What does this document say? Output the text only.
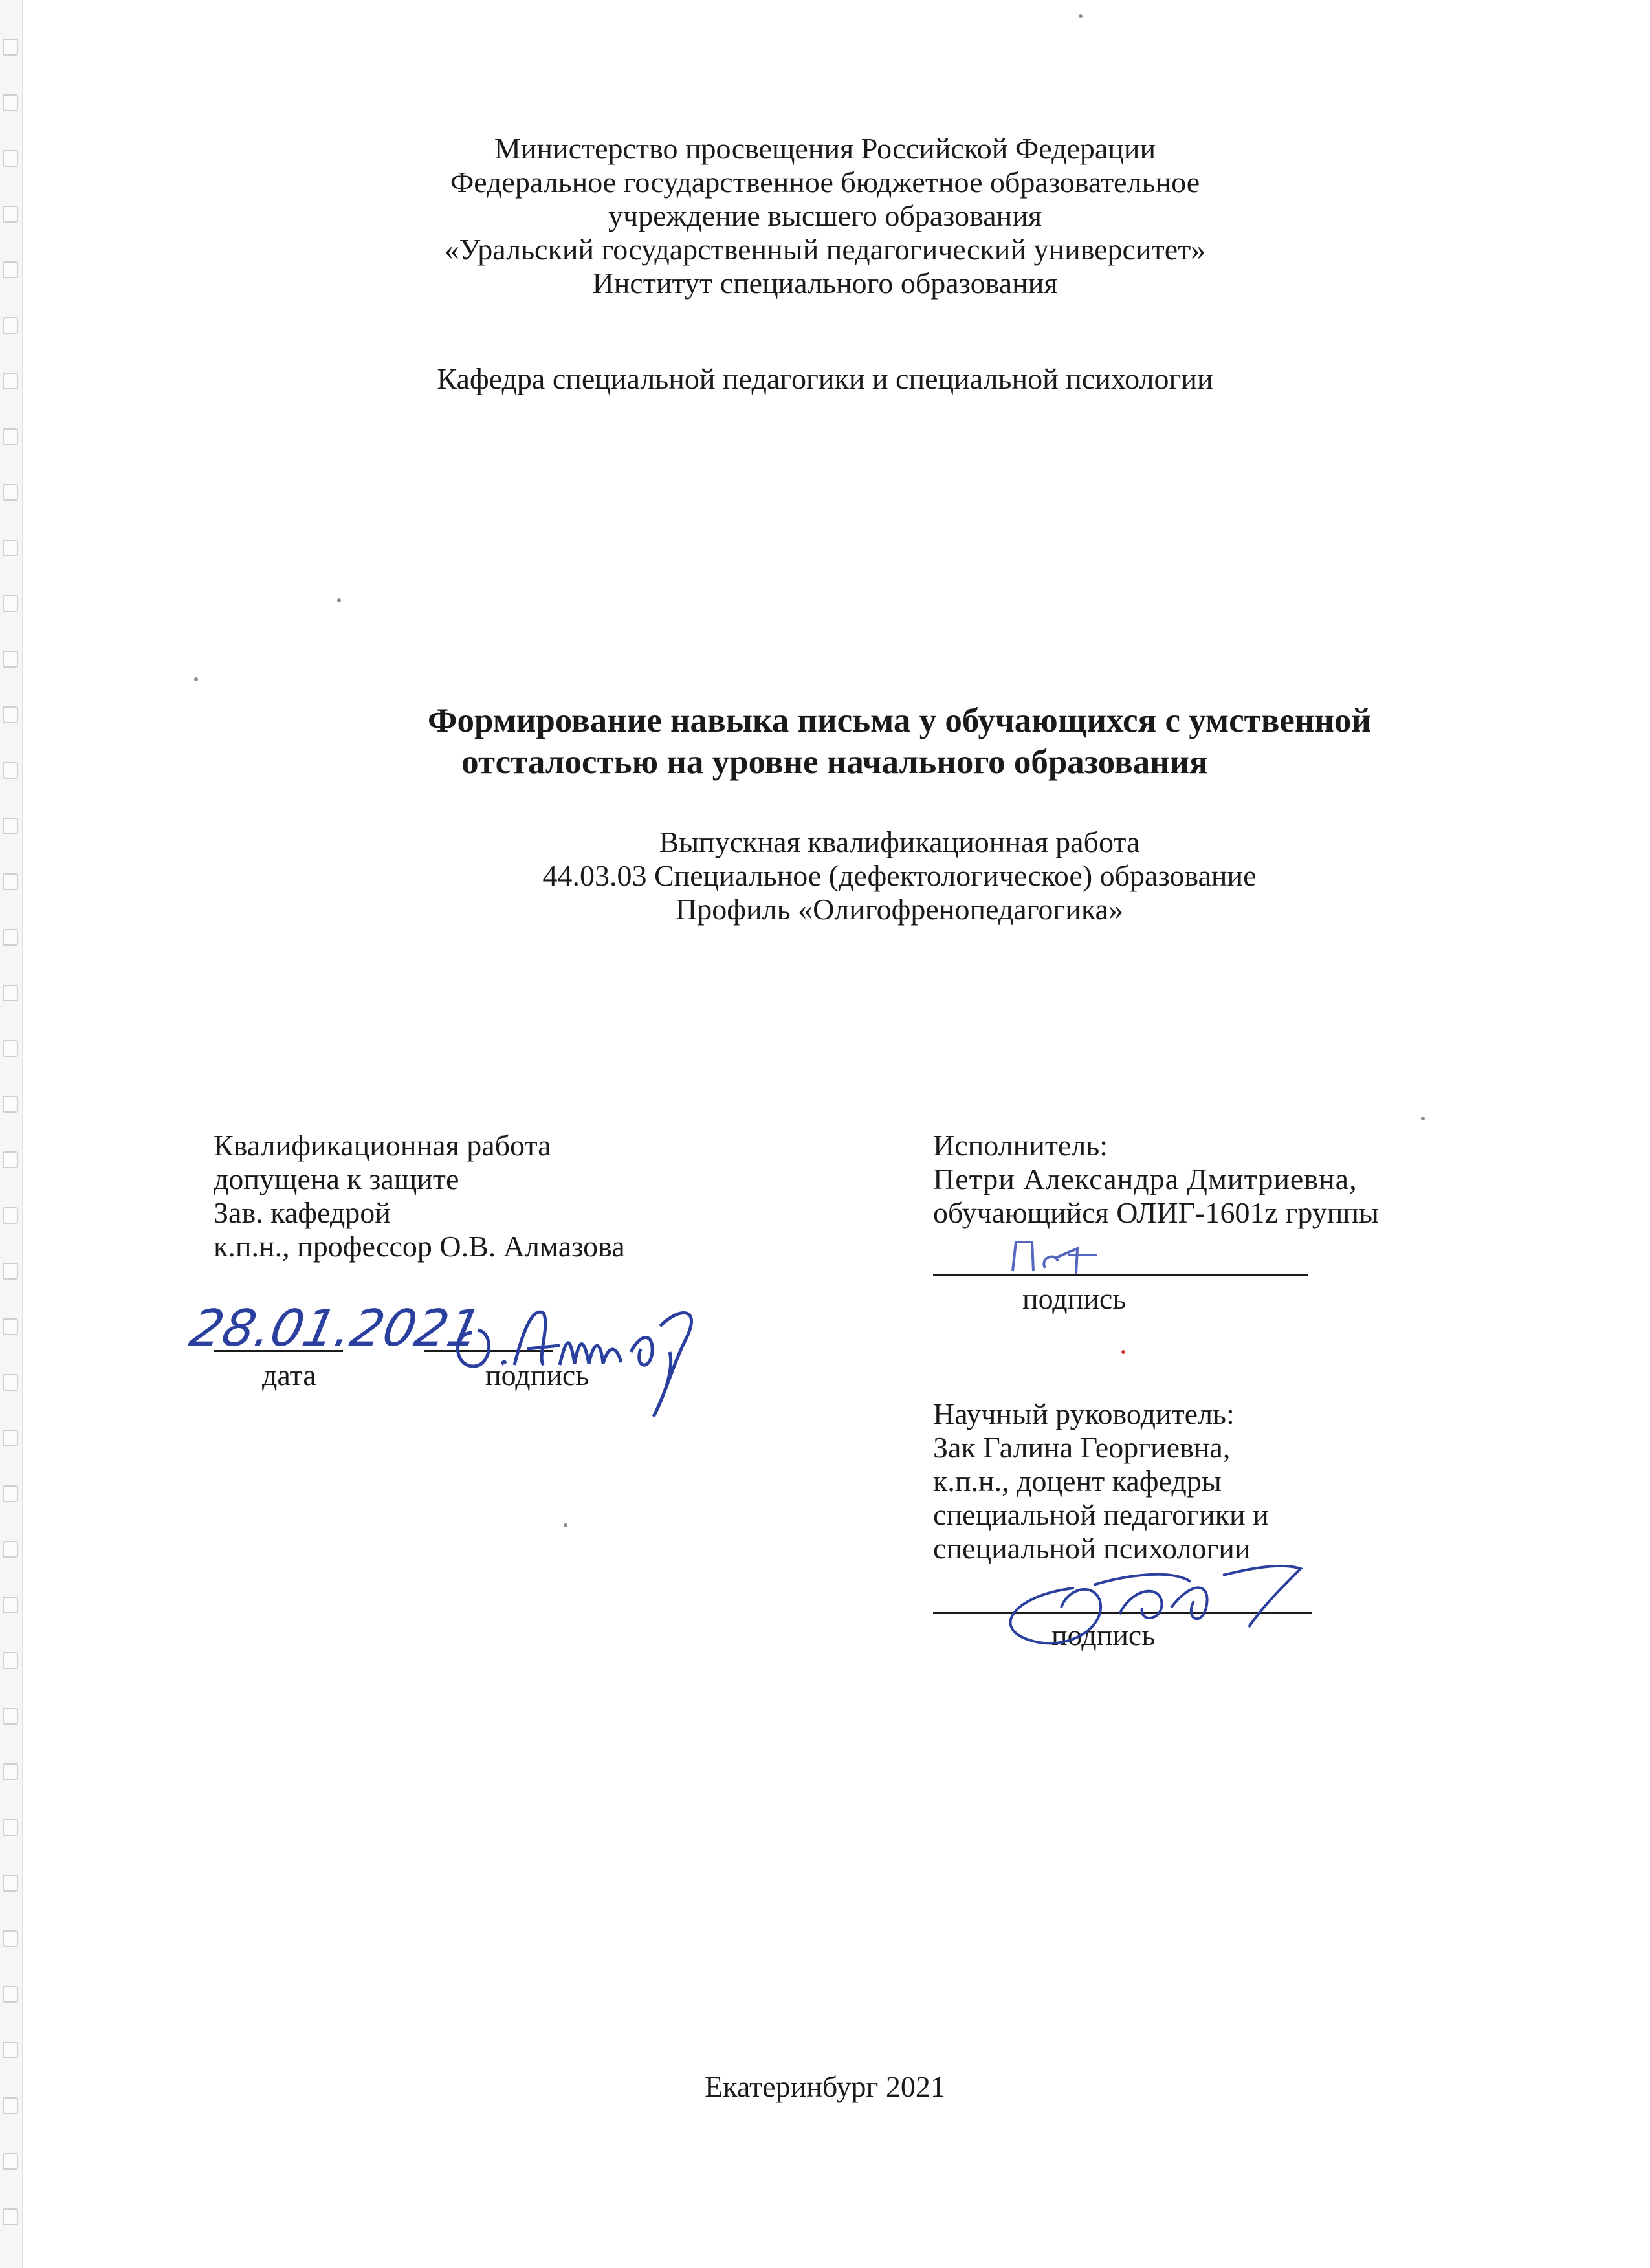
Министерство просвещения Российской Федерации
Федеральное государственное бюджетное образовательное
учреждение высшего образования
«Уральский государственный педагогический университет»
Институт специального образования
Кафедра специальной педагогики и специальной психологии
Формирование навыка письма у обучающихся с умственной
отсталостью на уровне начального образования
Выпускная квалификационная работа
44.03.03 Специальное (дефектологическое) образование
Профиль «Олигофренопедагогика»
Квалификационная работа
допущена к защите
Зав. кафедрой
к.п.н., профессор О.В. Алмазова
дата	подпись
28.01.2021
Исполнитель:
Петри Александра Дмитриевна,
обучающийся ОЛИГ-1601z группы
подпись
Научный руководитель:
Зак Галина Георгиевна,
к.п.н., доцент кафедры
специальной педагогики и
специальной психологии
подпись
Екатеринбург 2021
